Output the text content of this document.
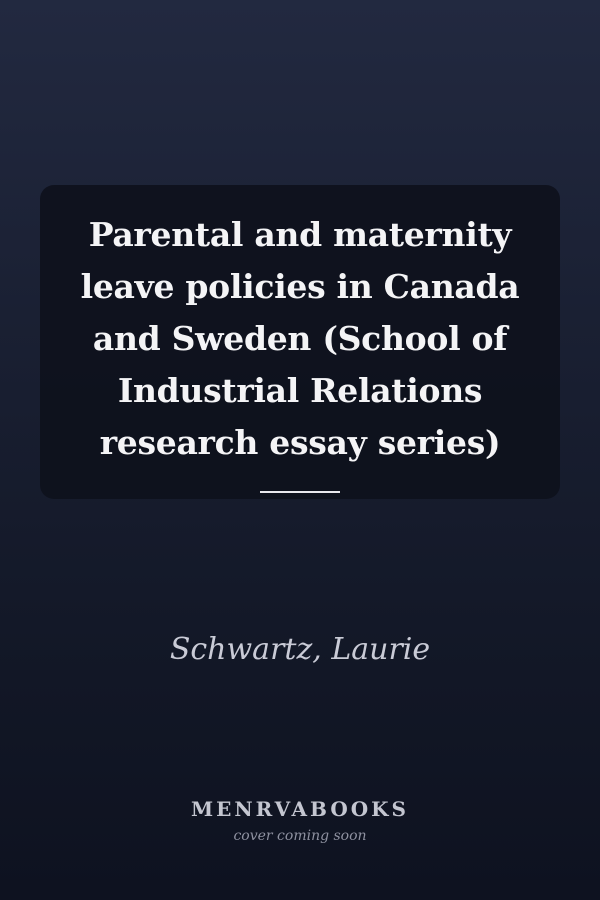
Parental and maternity leave policies in Canada and Sweden (School of Industrial Relations research essay series)
Schwartz, Laurie
MENRVABOOKS
cover coming soon
